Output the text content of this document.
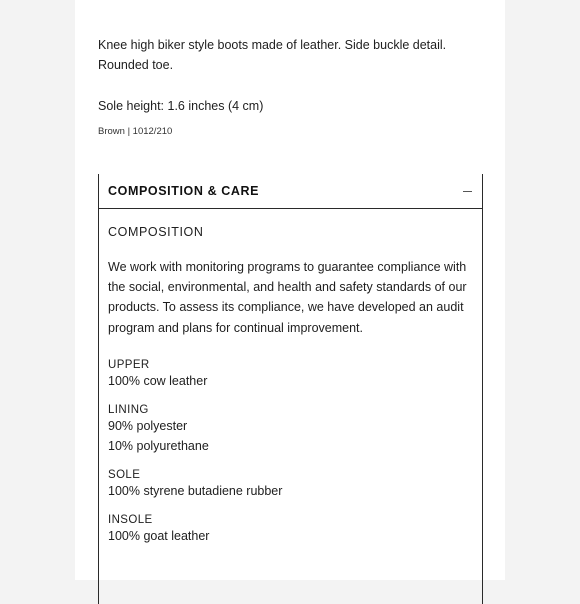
Knee high biker style boots made of leather. Side buckle detail. Rounded toe.
Sole height: 1.6 inches (4 cm)
Brown | 1012/210
COMPOSITION & CARE
COMPOSITION
We work with monitoring programs to guarantee compliance with the social, environmental, and health and safety standards of our products. To assess its compliance, we have developed an audit program and plans for continual improvement.
UPPER
100% cow leather
LINING
90% polyester
10% polyurethane
SOLE
100% styrene butadiene rubber
INSOLE
100% goat leather
